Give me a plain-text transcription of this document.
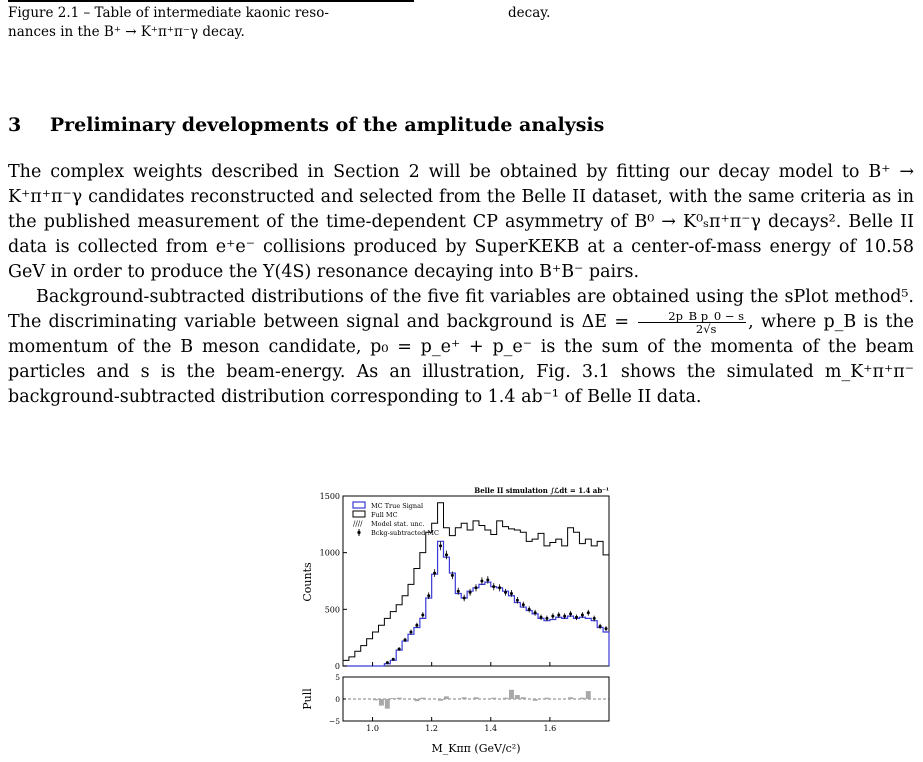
Figure 2.1 – Table of intermediate kaonic reso-
nances in the B⁺ → K⁺π⁺π⁻γ decay.
decay.
3 Preliminary developments of the amplitude analysis

The complex weights described in Section 2 will be obtained by fitting our decay model to B⁺ → K⁺π⁺π⁻γ candidates reconstructed and selected from the Belle II dataset, with the same criteria as in the published measurement of the time-dependent CP asymmetry of B⁰ → K⁰ₛπ⁺π⁻γ decays². Belle II data is collected from e⁺e⁻ collisions produced by SuperKEKB at a center-of-mass energy of 10.58 GeV in order to produce the Υ(4S) resonance decaying into B⁺B⁻ pairs.

Background-subtracted distributions of the five fit variables are obtained using the sPlot method⁵. The discriminating variable between signal and background is $\Delta E = \frac{\text{2p\_B p\_0 − s}}{2√s}$ , where p_B is the momentum of the B meson candidate, p₀ = p_e⁺ + p_e⁻ is the sum of the momenta of the beam particles and s is the beam-energy. As an illustration, Fig. 3.1 shows the simulated m_K⁺π⁺π⁻ background-subtracted distribution corresponding to 1.4 ab⁻¹ of Belle II data.

1.0	1.2	1.4	1.6
0
500
1000
1500
5
0
−5
MC True Signal
Full MC
//// Model stat. unc.
Bckg-subtracted MC
Belle II simulation ∫ℒdt = 1.4 ab⁻¹
Counts
Pull
M_Kππ (GeV/c²)
